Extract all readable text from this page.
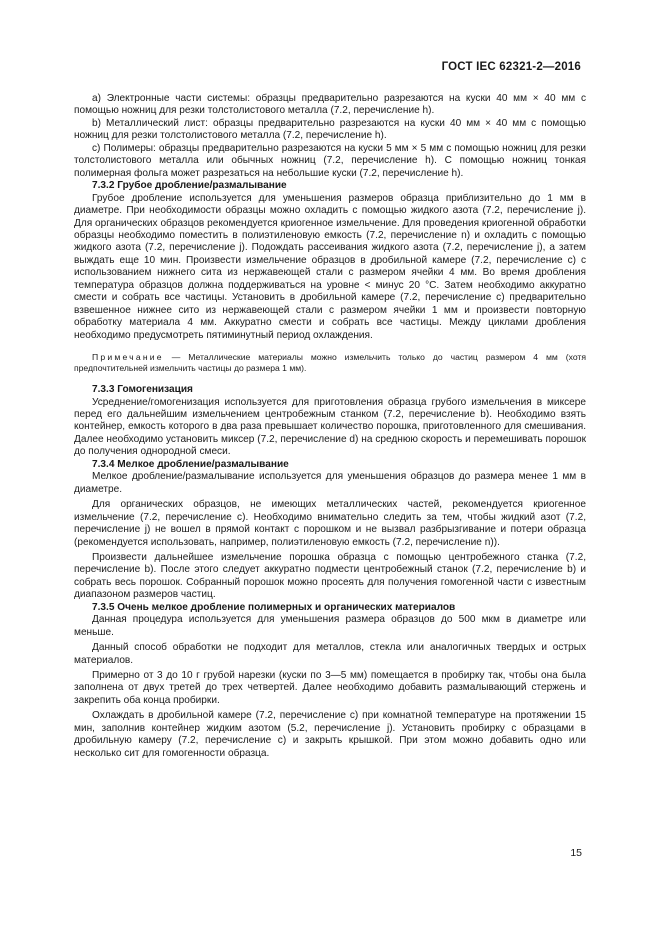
ГОСТ IEC 62321-2—2016

a) Электронные части системы: образцы предварительно разрезаются на куски 40 мм × 40 мм с помощью ножниц для резки толстолистового металла (7.2, перечисление h).

b) Металлический лист: образцы предварительно разрезаются на куски 40 мм × 40 мм с помощью ножниц для резки толстолистового металла (7.2, перечисление h).

c) Полимеры: образцы предварительно разрезаются на куски 5 мм × 5 мм с помощью ножниц для резки толстолистового металла или обычных ножниц (7.2, перечисление h). С помощью ножниц тонкая полимерная фольга может разрезаться на небольшие куски (7.2, перечисление h).

7.3.2 Грубое дробление/размалывание

Грубое дробление используется для уменьшения размеров образца приблизительно до 1 мм в диаметре. При необходимости образцы можно охладить с помощью жидкого азота (7.2, перечисление j). Для органических образцов рекомендуется криогенное измельчение. Для проведения криогенной обработки образцы необходимо поместить в полиэтиленовую емкость (7.2, перечисление n) и охладить с помощью жидкого азота (7.2, перечисление j). Подождать рассеивания жидкого азота (7.2, перечисление j), а затем выждать еще 10 мин. Произвести измельчение образцов в дробильной камере (7.2, перечисление c) с использованием нижнего сита из нержавеющей стали с размером ячейки 4 мм. Во время дробления температура образцов должна поддерживаться на уровне < минус 20 °C. Затем необходимо аккуратно смести и собрать все частицы. Установить в дробильной камере (7.2, перечисление c) предварительно взвешенное нижнее сито из нержавеющей стали с размером ячейки 1 мм и произвести повторную обработку материала 4 мм. Аккуратно смести и собрать все частицы. Между циклами дробления необходимо предусмотреть пятиминутный период охлаждения.

Примечание — Металлические материалы можно измельчить только до частиц размером 4 мм (хотя предпочтительней измельчить частицы до размера 1 мм).

7.3.3 Гомогенизация

Усреднение/гомогенизация используется для приготовления образца грубого измельчения в миксере перед его дальнейшим измельчением центробежным станком (7.2, перечисление b). Необходимо взять контейнер, емкость которого в два раза превышает количество порошка, приготовленного для смешивания. Далее необходимо установить миксер (7.2, перечисление d) на среднюю скорость и перемешивать порошок до получения однородной смеси.

7.3.4 Мелкое дробление/размалывание

Мелкое дробление/размалывание используется для уменьшения образцов до размера менее 1 мм в диаметре.

Для органических образцов, не имеющих металлических частей, рекомендуется криогенное измельчение (7.2, перечисление c). Необходимо внимательно следить за тем, чтобы жидкий азот (7.2, перечисление j) не вошел в прямой контакт с порошком и не вызвал разбрызгивание и потери образца (рекомендуется использовать, например, полиэтиленовую емкость (7.2, перечисление n)).

Произвести дальнейшее измельчение порошка образца с помощью центробежного станка (7.2, перечисление b). После этого следует аккуратно подмести центробежный станок (7.2, перечисление b) и собрать весь порошок. Собранный порошок можно просеять для получения гомогенной части с известным диапазоном размеров частиц.

7.3.5 Очень мелкое дробление полимерных и органических материалов

Данная процедура используется для уменьшения размера образцов до 500 мкм в диаметре или меньше.

Данный способ обработки не подходит для металлов, стекла или аналогичных твердых и острых материалов.

Примерно от 3 до 10 г грубой нарезки (куски по 3—5 мм) помещается в пробирку так, чтобы она была заполнена от двух третей до трех четвертей. Далее необходимо добавить размалывающий стержень и закрепить оба конца пробирки.

Охлаждать в дробильной камере (7.2, перечисление c) при комнатной температуре на протяжении 15 мин, заполнив контейнер жидким азотом (5.2, перечисление j). Установить пробирку с образцами в дробильную камеру (7.2, перечисление c) и закрыть крышкой. При этом можно добавить одно или несколько сит для гомогенности образца.

15
